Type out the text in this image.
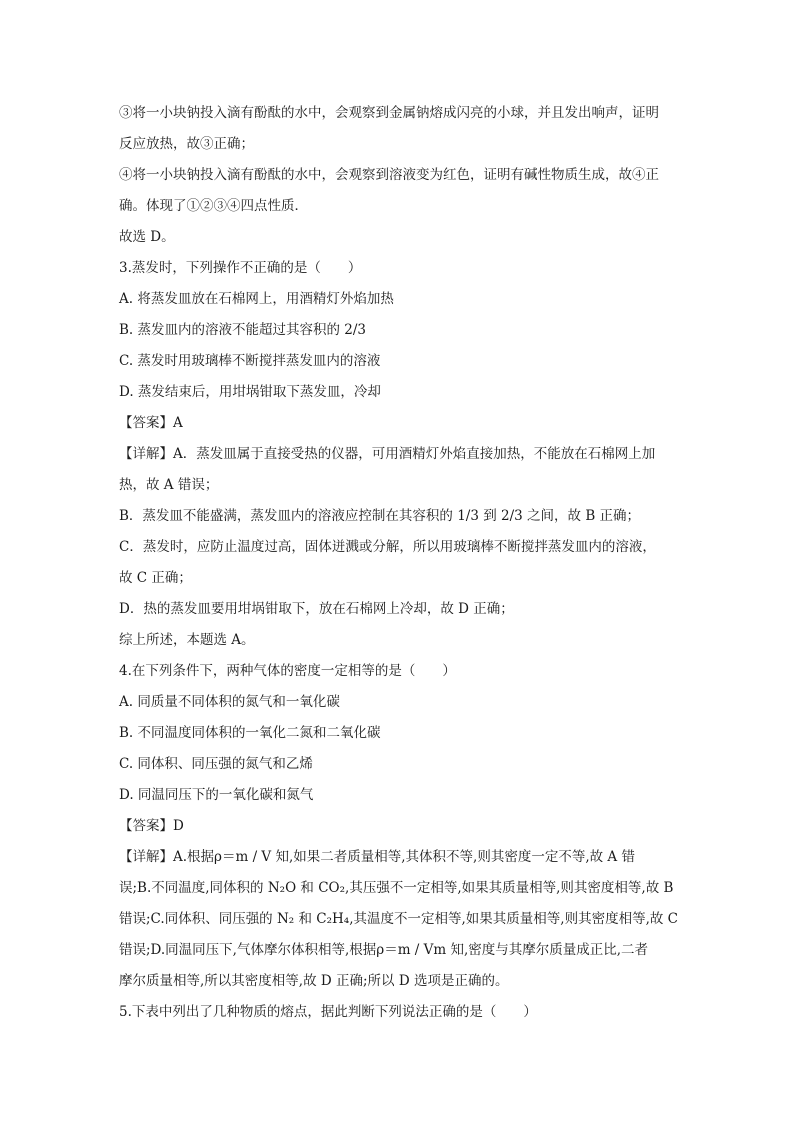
③将一小块钠投入滴有酚酞的水中，会观察到金属钠熔成闪亮的小球，并且发出响声，证明
反应放热，故③正确；
④将一小块钠投入滴有酚酞的水中，会观察到溶液变为红色，证明有碱性物质生成，故④正
确。体现了①②③④四点性质．
故选 D。
3.蒸发时，下列操作不正确的是（　　）
A. 将蒸发皿放在石棉网上，用酒精灯外焰加热
B. 蒸发皿内的溶液不能超过其容积的 2/3
C. 蒸发时用玻璃棒不断搅拌蒸发皿内的溶液
D. 蒸发结束后，用坩埚钳取下蒸发皿，冷却
【答案】A
【详解】A．蒸发皿属于直接受热的仪器，可用酒精灯外焰直接加热，不能放在石棉网上加
热，故 A 错误；
B．蒸发皿不能盛满，蒸发皿内的溶液应控制在其容积的 1/3 到 2/3 之间，故 B 正确；
C．蒸发时，应防止温度过高，固体迸溅或分解，所以用玻璃棒不断搅拌蒸发皿内的溶液，
故 C 正确；
D．热的蒸发皿要用坩埚钳取下，放在石棉网上冷却，故 D 正确；
综上所述，本题选 A。
4.在下列条件下，两种气体的密度一定相等的是（　　）
A. 同质量不同体积的氮气和一氧化碳
B. 不同温度同体积的一氧化二氮和二氧化碳
C. 同体积、同压强的氮气和乙烯
D. 同温同压下的一氧化碳和氮气
【答案】D
【详解】A.根据ρ＝m / V 知,如果二者质量相等,其体积不等,则其密度一定不等,故 A 错
误;B.不同温度,同体积的 N₂O 和 CO₂,其压强不一定相等,如果其质量相等,则其密度相等,故 B
错误;C.同体积、同压强的 N₂ 和 C₂H₄,其温度不一定相等,如果其质量相等,则其密度相等,故 C
错误;D.同温同压下,气体摩尔体积相等,根据ρ＝m / Vm 知,密度与其摩尔质量成正比,二者
摩尔质量相等,所以其密度相等,故 D 正确;所以 D 选项是正确的。
5.下表中列出了几种物质的熔点，据此判断下列说法正确的是（　　）
